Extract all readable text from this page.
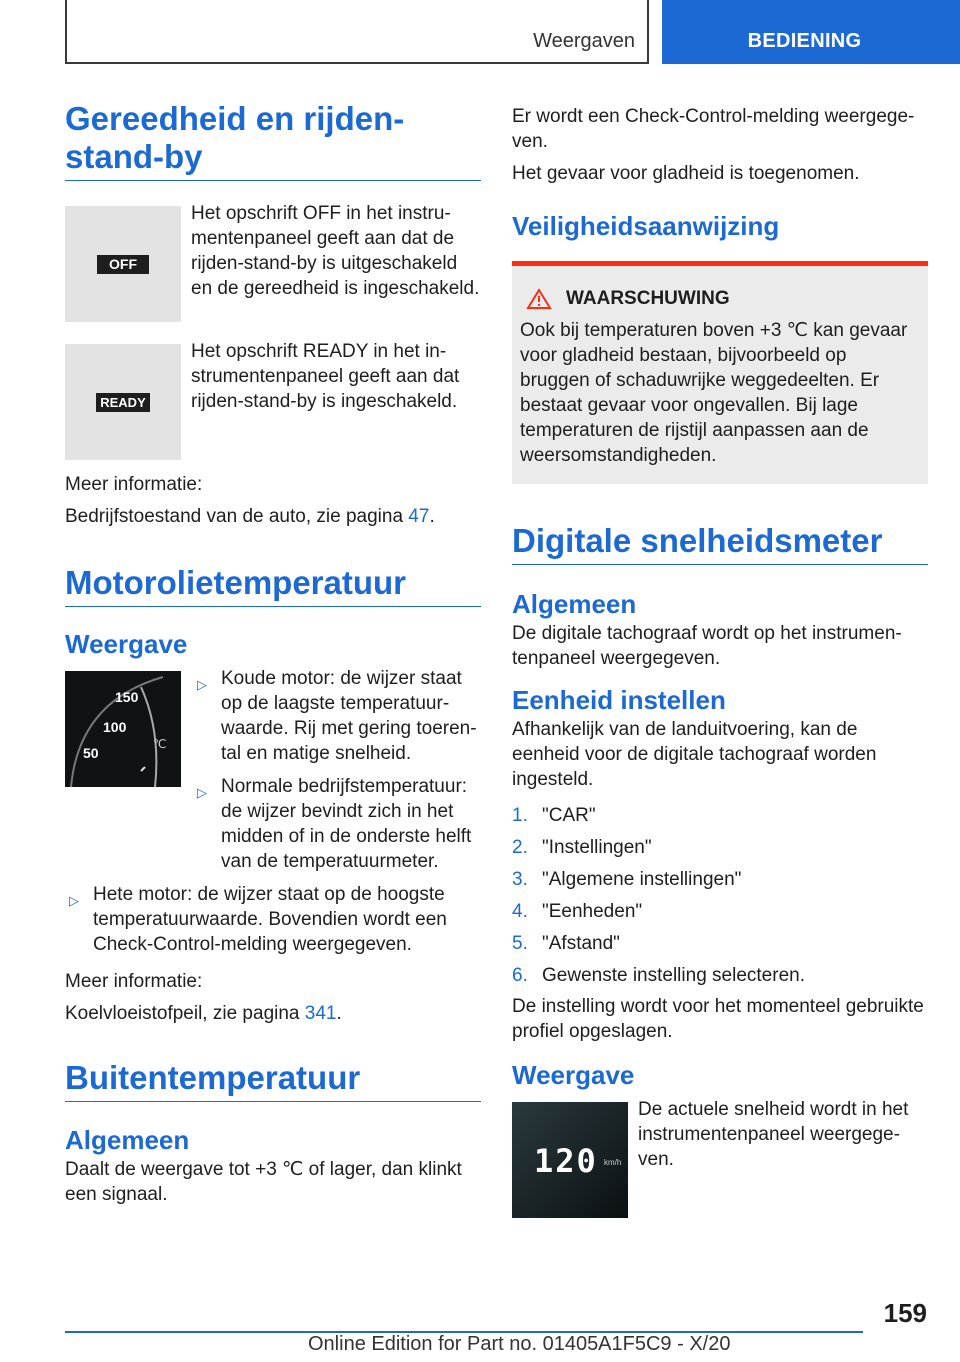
Weergaven	BEDIENING
Gereedheid en rijden-stand-by
OFF
Het opschrift OFF in het instrumentenpaneel geeft aan dat de rijden-stand-by is uitgeschakeld en de gereedheid is ingeschakeld.
READY
Het opschrift READY in het instrumentenpaneel geeft aan dat rijden-stand-by is ingeschakeld.

Meer informatie:

Bedrijfstoestand van de auto, zie pagina 47.

Motorolietemperatuur
Weergave
150
100
50
℃
▷ Koude motor: de wijzer staat op de laagste temperatuurwaarde. Rij met gering toerental en matige snelheid.
▷ Normale bedrijfstemperatuur: de wijzer bevindt zich in het midden of in de onderste helft van de temperatuurmeter.
▷ Hete motor: de wijzer staat op de hoogste temperatuurwaarde. Bovendien wordt een Check-Control-melding weergegeven.

Meer informatie:

Koelvloeistofpeil, zie pagina 341.

Buitentemperatuur
Algemeen

Daalt de weergave tot +3 ℃ of lager, dan klinkt een signaal.

Er wordt een Check-Control-melding weergegeven.

Het gevaar voor gladheid is toegenomen.

Veiligheidsaanwijzing
WAARSCHUWING

Ook bij temperaturen boven +3 ℃ kan gevaar voor gladheid bestaan, bijvoorbeeld op bruggen of schaduwrijke weggedeelten. Er bestaat gevaar voor ongevallen. Bij lage temperaturen de rijstijl aanpassen aan de weersomstandigheden.

Digitale snelheidsmeter
Algemeen

De digitale tachograaf wordt op het instrumentenpaneel weergegeven.

Eenheid instellen

Afhankelijk van de landuitvoering, kan de eenheid voor de digitale tachograaf worden ingesteld.

1. "CAR"
2. "Instellingen"
3. "Algemene instellingen"
4. "Eenheden"
5. "Afstand"
6. Gewenste instelling selecteren.

De instelling wordt voor het momenteel gebruikte profiel opgeslagen.

Weergave
120 km/h
De actuele snelheid wordt in het instrumentenpaneel weergegeven.
159
Online Edition for Part no. 01405A1F5C9 - X/20
